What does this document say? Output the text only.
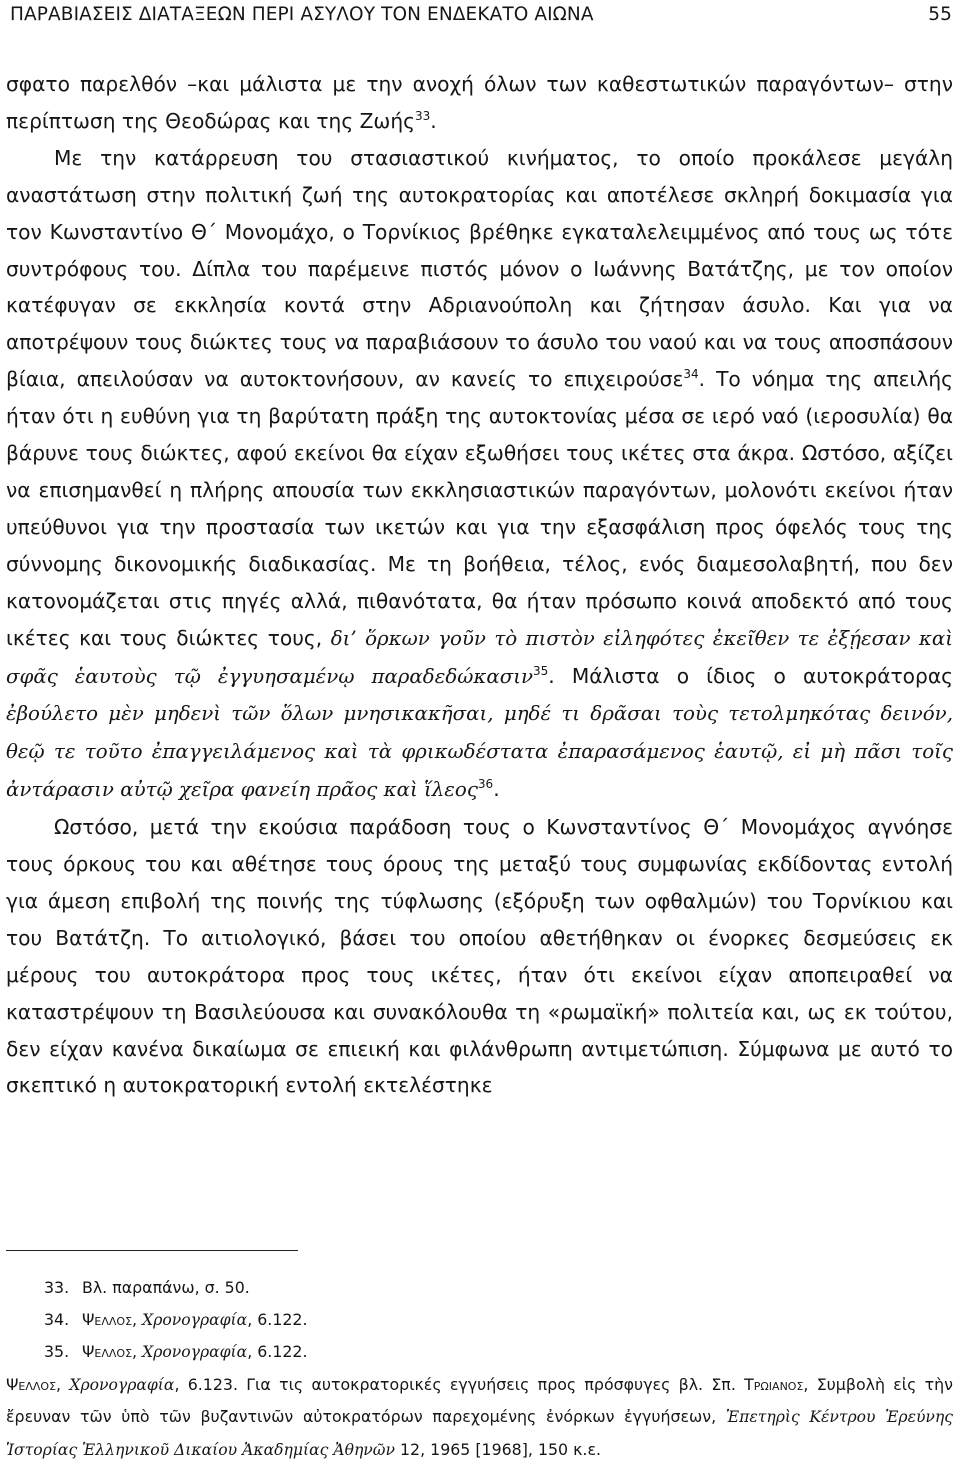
ΠΑΡΑΒΙΑΣΕΙΣ ΔΙΑΤΑΞΕΩΝ ΠΕΡΙ ΑΣΥΛΟΥ ΤΟΝ ΕΝΔΕΚΑΤΟ ΑΙΩΝΑ	55

σφατο παρελθόν –και μάλιστα με την ανοχή όλων των καθεστωτικών παραγόντων– στην περίπτωση της Θεοδώρας και της Ζωής$^{33}$.

Με την κατάρρευση του στασιαστικού κινήματος, το οποίο προκάλεσε μεγάλη αναστάτωση στην πολιτική ζωή της αυτοκρατορίας και αποτέλεσε σκληρή δοκιμασία για τον Κωνσταντίνο Θ΄ Μονομάχο, ο Τορνίκιος βρέθηκε εγκαταλελειμμένος από τους ως τότε συντρόφους του. Δίπλα του παρέμεινε πιστός μόνον ο Ιωάννης Βατάτζης, με τον οποίον κατέφυγαν σε εκκλησία κοντά στην Αδριανούπολη και ζήτησαν άσυλο. Και για να αποτρέψουν τους διώκτες τους να παραβιάσουν το άσυλο του ναού και να τους αποσπάσουν βίαια, απειλούσαν να αυτοκτονήσουν, αν κανείς το επιχειρούσε$^{34}$. Το νόημα της απειλής ήταν ότι η ευθύνη για τη βαρύτατη πράξη της αυτοκτονίας μέσα σε ιερό ναό (ιεροσυλία) θα βάρυνε τους διώκτες, αφού εκείνοι θα είχαν εξωθήσει τους ικέτες στα άκρα. Ωστόσο, αξίζει να επισημανθεί η πλήρης απουσία των εκκλησιαστικών παραγόντων, μολονότι εκείνοι ήταν υπεύθυνοι για την προστασία των ικετών και για την εξασφάλιση προς όφελός τους της σύννομης δικονομικής διαδικασίας. Με τη βοήθεια, τέλος, ενός διαμεσολαβητή, που δεν κατονομάζεται στις πηγές αλλά, πιθανότατα, θα ήταν πρόσωπο κοινά αποδεκτό από τους ικέτες και τους διώκτες τους, δι’ ὅρκων γοῦν τὸ πιστὸν εἰληφότες ἐκεῖθεν τε ἐξῄεσαν καὶ σφᾶς ἑαυτοὺς τῷ ἐγγυησαμένῳ παραδεδώκασιν$^{35}$. Μάλιστα ο ίδιος ο αυτοκράτορας ἐβούλετο μὲν μηδενὶ τῶν ὅλων μνησικακῆσαι, μηδέ τι δρᾶσαι τοὺς τετολμηκότας δεινόν, θεῷ τε τοῦτο ἐπαγγειλάμενος καὶ τὰ φρικωδέστατα ἐπαρασάμενος ἑαυτῷ, εἰ μὴ πᾶσι τοῖς ἀντάρασιν αὐτῷ χεῖρα φανείη πρᾶος καὶ ἵλεος$^{36}$.

Ωστόσο, μετά την εκούσια παράδοση τους ο Κωνσταντίνος Θ΄ Μονομάχος αγνόησε τους όρκους του και αθέτησε τους όρους της μεταξύ τους συμφωνίας εκδίδοντας εντολή για άμεση επιβολή της ποινής της τύφλωσης (εξόρυξη των οφθαλμών) του Τορνίκιου και του Βατάτζη. Το αιτιολογικό, βάσει του οποίου αθετήθηκαν οι ένορκες δεσμεύσεις εκ μέρους του αυτοκράτορα προς τους ικέτες, ήταν ότι εκείνοι είχαν αποπειραθεί να καταστρέψουν τη Βασιλεύουσα και συνακόλουθα τη «ρωμαϊκή» πολιτεία και, ως εκ τούτου, δεν είχαν κανένα δικαίωμα σε επιεική και φιλάνθρωπη αντιμετώπιση. Σύμφωνα με αυτό το σκεπτικό η αυτοκρατορική εντολή εκτελέστηκε

33. Βλ. παραπάνω, σ. 50.
34. Ψελλος, Χρονογραφία, 6.122.
35. Ψελλος, Χρονογραφία, 6.122.
Ψελλος, Χρονογραφία, 6.123. Για τις αυτοκρατορικές εγγυήσεις προς πρόσφυγες βλ. Σπ. Τρωιανος, Συμβολὴ εἰς τὴν ἔρευναν τῶν ὑπὸ τῶν βυζαντινῶν αὐτοκρατόρων παρεχομένης ἐνόρκων ἐγγυήσεων, Ἐπετηρὶς Κέντρου Ἐρεύνης Ἱστορίας Ἑλληνικοῦ Δικαίου Ἀκαδημίας Ἀθηνῶν 12, 1965 [1968], 150 κ.ε.
